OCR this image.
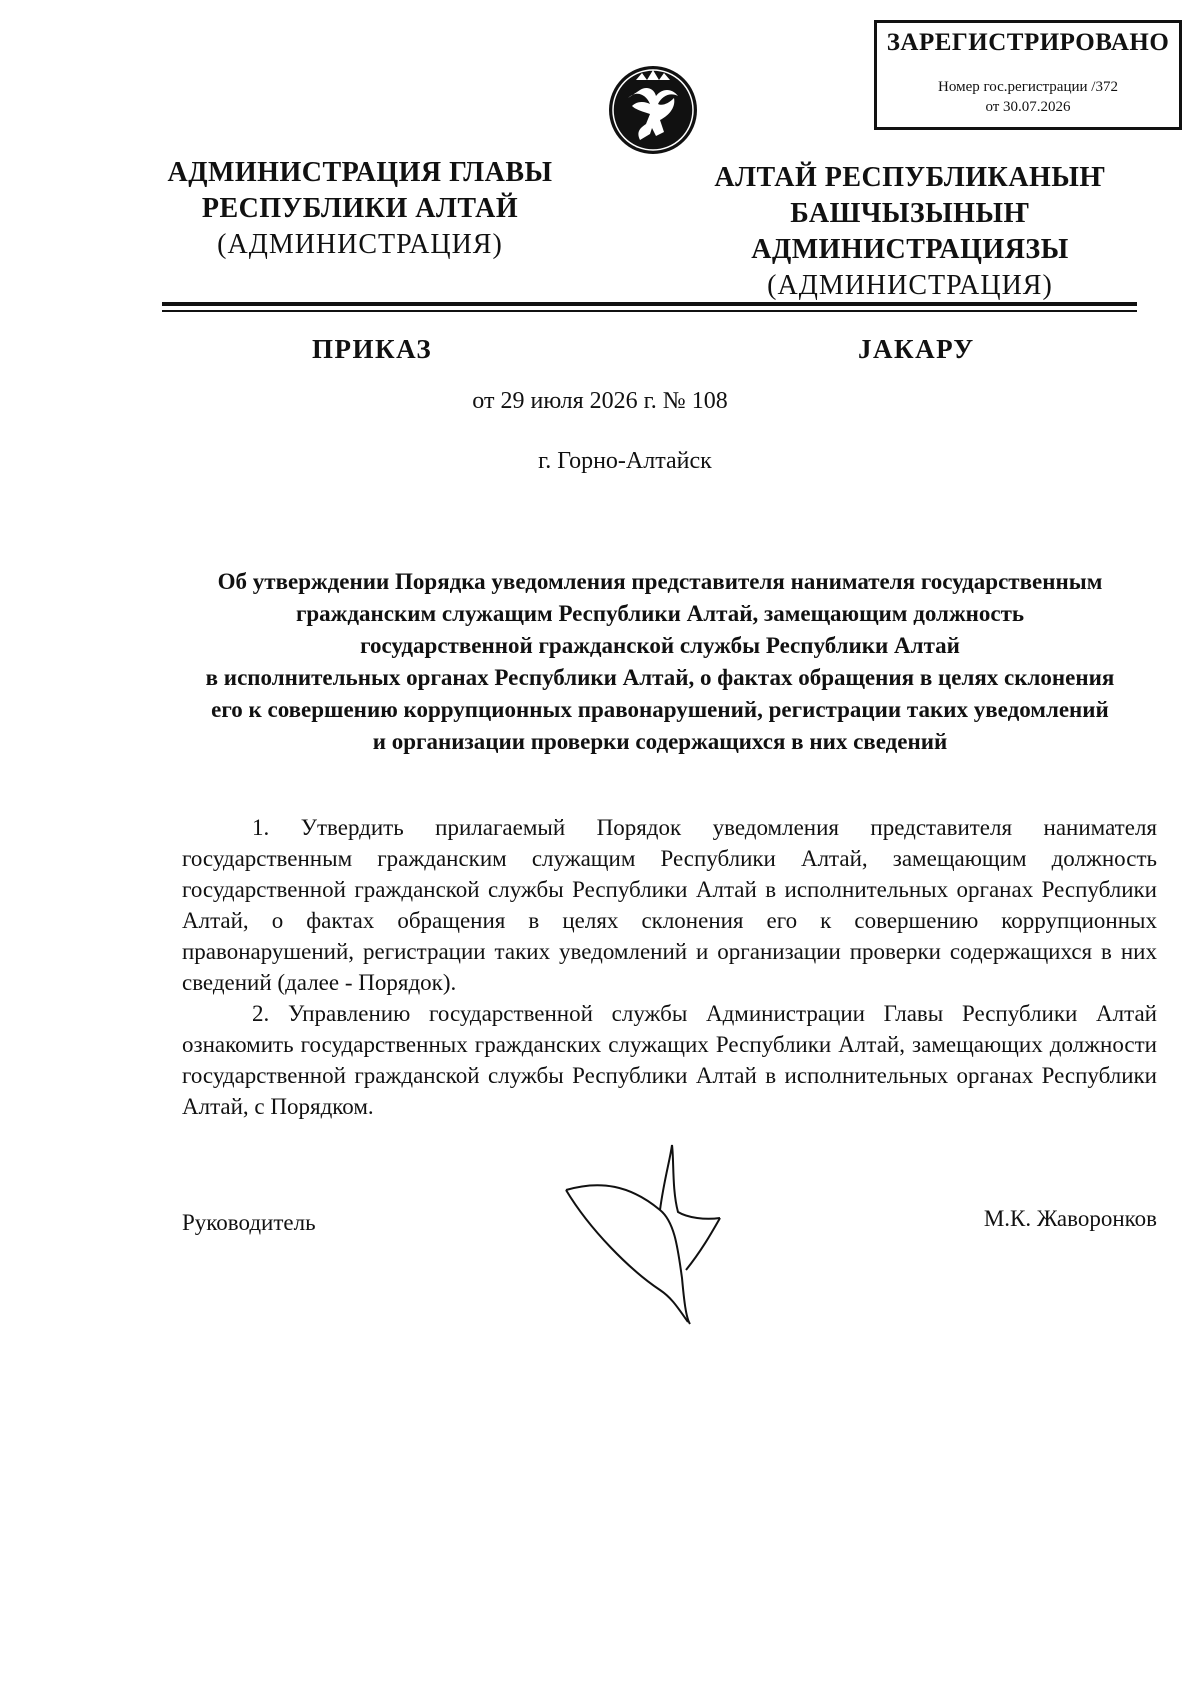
ЗАРЕГИСТРИРОВАНО
Номер гос.регистрации /372
от 30.07.2026
АДМИНИСТРАЦИЯ ГЛАВЫ
РЕСПУБЛИКИ АЛТАЙ
(АДМИНИСТРАЦИЯ)
АЛТАЙ РЕСПУБЛИКАНЫҤ
БАШЧЫЗЫНЫҤ
АДМИНИСТРАЦИЯЗЫ
(АДМИНИСТРАЦИЯ)
ПРИКАЗ	JАКАРУ
от 29 июля 2026 г. № 108
г. Горно-Алтайск
Об утверждении Порядка уведомления представителя нанимателя государственным
гражданским служащим Республики Алтай, замещающим должность
государственной гражданской службы Республики Алтай
в исполнительных органах Республики Алтай, о фактах обращения в целях склонения
его к совершению коррупционных правонарушений, регистрации таких уведомлений
и организации проверки содержащихся в них сведений

1. Утвердить прилагаемый Порядок уведомления представителя нанимателя государственным гражданским служащим Республики Алтай, замещающим должность государственной гражданской службы Республики Алтай в исполнительных органах Республики Алтай, о фактах обращения в целях склонения его к совершению коррупционных правонарушений, регистрации таких уведомлений и организации проверки содержащихся в них сведений (далее - Порядок).

2. Управлению государственной службы Администрации Главы Республики Алтай ознакомить государственных гражданских служащих Республики Алтай, замещающих должности государственной гражданской службы Республики Алтай в исполнительных органах Республики Алтай, с Порядком.

Руководитель	М.К. Жаворонков
